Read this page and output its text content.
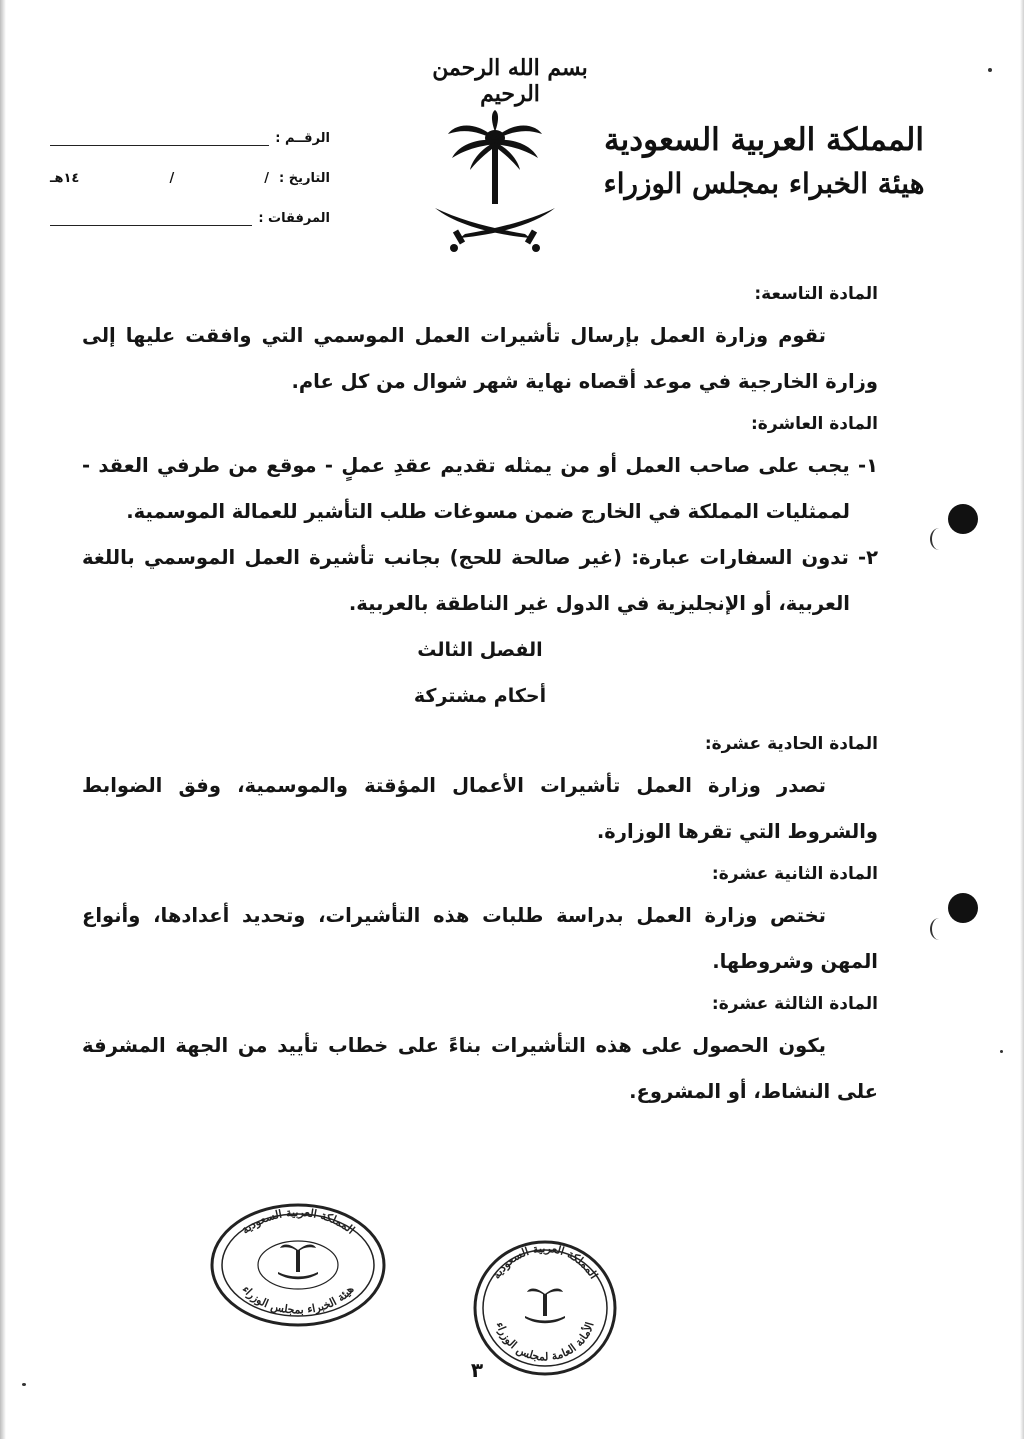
بسم الله الرحمن الرحيم
المملكة العربية السعودية
هيئة الخبراء بمجلس الوزراء
الرقــم :
التاريخ :
/
/
١٤هـ
المرفقات :
المادة التاسعة:

تقوم وزارة العمل بإرسال تأشيرات العمل الموسمي التي وافقت عليها إلى وزارة الخارجية في موعد أقصاه نهاية شهر شوال من كل عام.

المادة العاشرة:

١- يجب على صاحب العمل أو من يمثله تقديم عقدِ عملٍ - موقع من طرفي العقد - لممثليات المملكة في الخارج ضمن مسوغات طلب التأشير للعمالة الموسمية.

٢- تدون السفارات عبارة: (غير صالحة للحج) بجانب تأشيرة العمل الموسمي باللغة العربية، أو الإنجليزية في الدول غير الناطقة بالعربية.

الفصل الثالث

أحكام مشتركة

المادة الحادية عشرة:

تصدر وزارة العمل تأشيرات الأعمال المؤقتة والموسمية، وفق الضوابط والشروط التي تقرها الوزارة.

المادة الثانية عشرة:

تختص وزارة العمل بدراسة طلبات هذه التأشيرات، وتحديد أعدادها، وأنواع المهن وشروطها.

المادة الثالثة عشرة:

يكون الحصول على هذه التأشيرات بناءً على خطاب تأييد من الجهة المشرفة على النشاط، أو المشروع.

المملكة العربية السعودية
هيئة الخبراء بمجلس الوزراء
المملكة العربية السعودية
الأمانة العامة لمجلس الوزراء
٣
